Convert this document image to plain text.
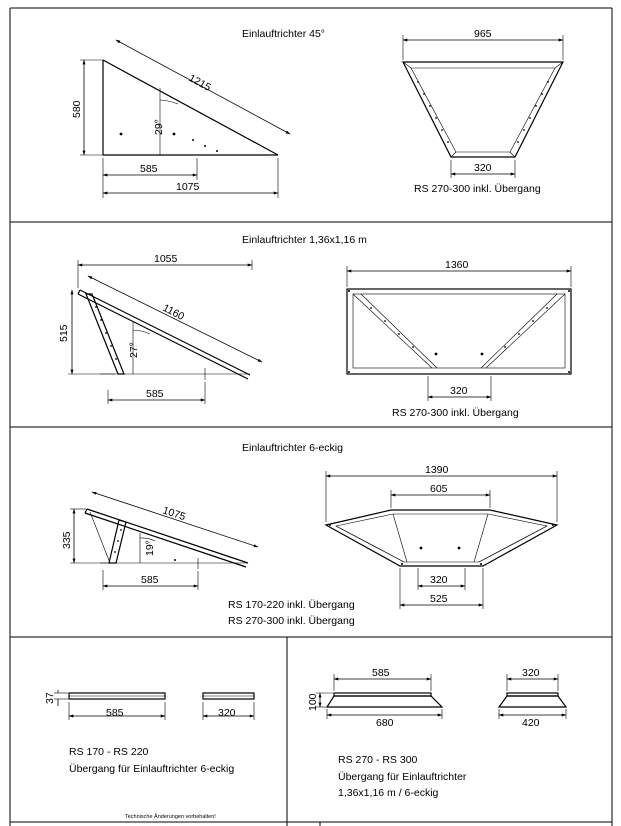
Einlauftrichter 45°
580
1215
29°
585
1075
965
320
RS 270-300 inkl. Übergang
Einlauftrichter 1,36x1,16 m
1055
515
1160
27°
585
1360
320
RS 270-300 inkl. Übergang
Einlauftrichter 6-eckig
335
1075
19°
585
1390
605
320
525
RS 170-220 inkl. Übergang
RS 270-300 inkl. Übergang
37
585	320
RS 170 - RS 220
Übergang für Einlauftrichter 6-eckig
100
585
680
320
420
RS 270 - RS 300
Übergang für Einlauftrichter
1,36x1,16 m / 6-eckig
Technische Änderungen vorbehalten!
